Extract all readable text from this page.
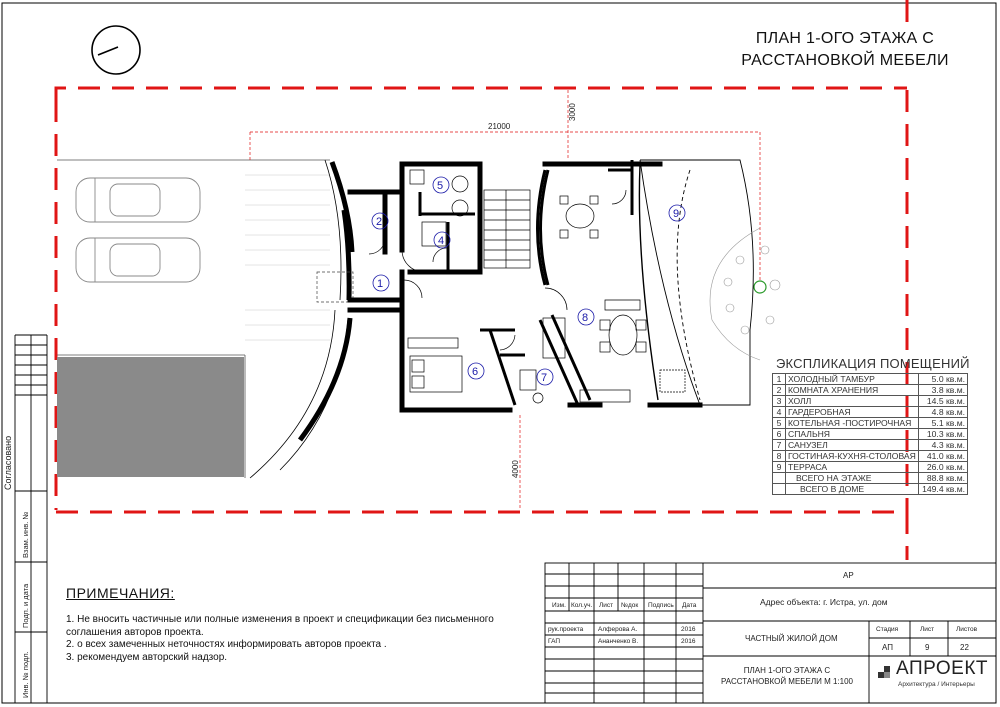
21000
3000
4000
1
2
4
5
6	7
8
9
ПЛАН 1-ОГО ЭТАЖА С
РАССТАНОВКОЙ МЕБЕЛИ
ЭКСПЛИКАЦИЯ ПОМЕЩЕНИЙ
1	ХОЛОДНЫЙ ТАМБУР	5.0 кв.м.
2	КОМНАТА ХРАНЕНИЯ	3.8 кв.м.
3	ХОЛЛ	14.5 кв.м.
4	ГАРДЕРОБНАЯ	4.8 кв.м.
5	КОТЕЛЬНАЯ -ПОСТИРОЧНАЯ	5.1 кв.м.
6	СПАЛЬНЯ	10.3 кв.м.
7	САНУЗЕЛ	4.3 кв.м.
8	ГОСТИНАЯ-КУХНЯ-СТОЛОВАЯ	41.0 кв.м.
9	ТЕРРАСА	26.0 кв.м.
	ВСЕГО НА ЭТАЖЕ	88.8 кв.м.
	ВСЕГО В ДОМЕ	149.4 кв.м.
ПРИМЕЧАНИЯ:
1. Не вносить частичные или полные изменения в проект и спецификации без письменного
соглашения авторов проекта.
2. о всех замеченных неточностях информировать авторов проекта .
3. рекомендуем авторский надзор.
Согласовано
Взам. инв. №
Подп. и дата
Инв. № подл.
Изм. Кол.уч. Лист №док Подпись Дата
рук.проекта Алферова А.	2016
ГАП	Ананченко В.	2016
АР
Адрес объекта: г. Истра, ул. дом
ЧАСТНЫЙ ЖИЛОЙ ДОМ
Стадия	Лист	Листов
АП	9	22
ПЛАН 1-ОГО ЭТАЖА С
РАССТАНОВКОЙ МЕБЕЛИ М 1:100
АПРОЕКТ
Архитектура / Интерьеры
